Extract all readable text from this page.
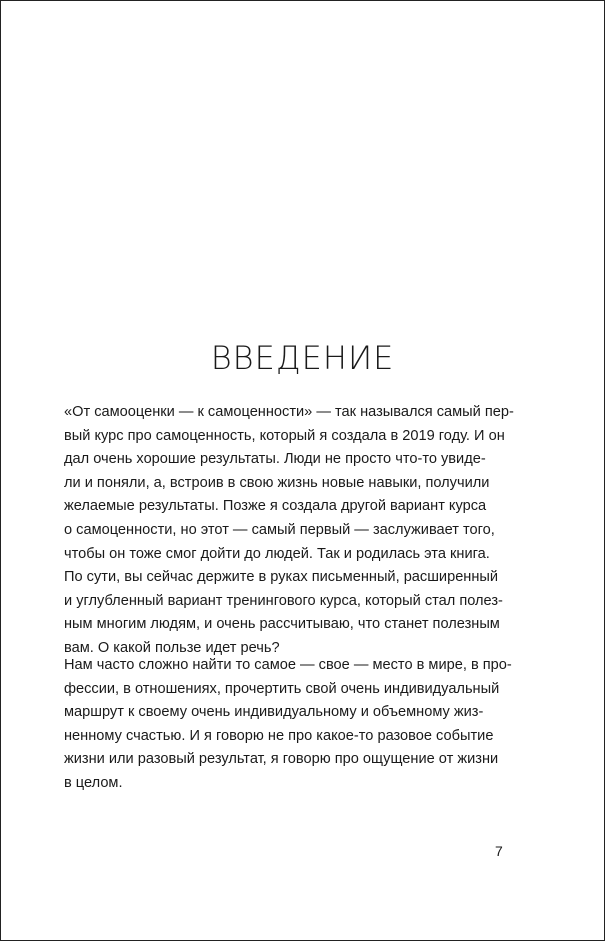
ВВЕДЕНИЕ
«От самооценки — к самоценности» — так назывался самый пер-
вый курс про самоценность, который я создала в 2019 году. И он
дал очень хорошие результаты. Люди не просто что-то увиде-
ли и поняли, а, встроив в свою жизнь новые навыки, получили
желаемые результаты. Позже я создала другой вариант курса
о самоценности, но этот — самый первый — заслуживает того,
чтобы он тоже смог дойти до людей. Так и родилась эта книга.
По сути, вы сейчас держите в руках письменный, расширенный
и углубленный вариант тренингового курса, который стал полез-
ным многим людям, и очень рассчитываю, что станет полезным
вам. О какой пользе идет речь?
Нам часто сложно найти то самое — свое — место в мире, в про-
фессии, в отношениях, прочертить свой очень индивидуальный
маршрут к своему очень индивидуальному и объемному жиз-
ненному счастью. И я говорю не про какое-то разовое событие
жизни или разовый результат, я говорю про ощущение от жизни
в целом.
7
